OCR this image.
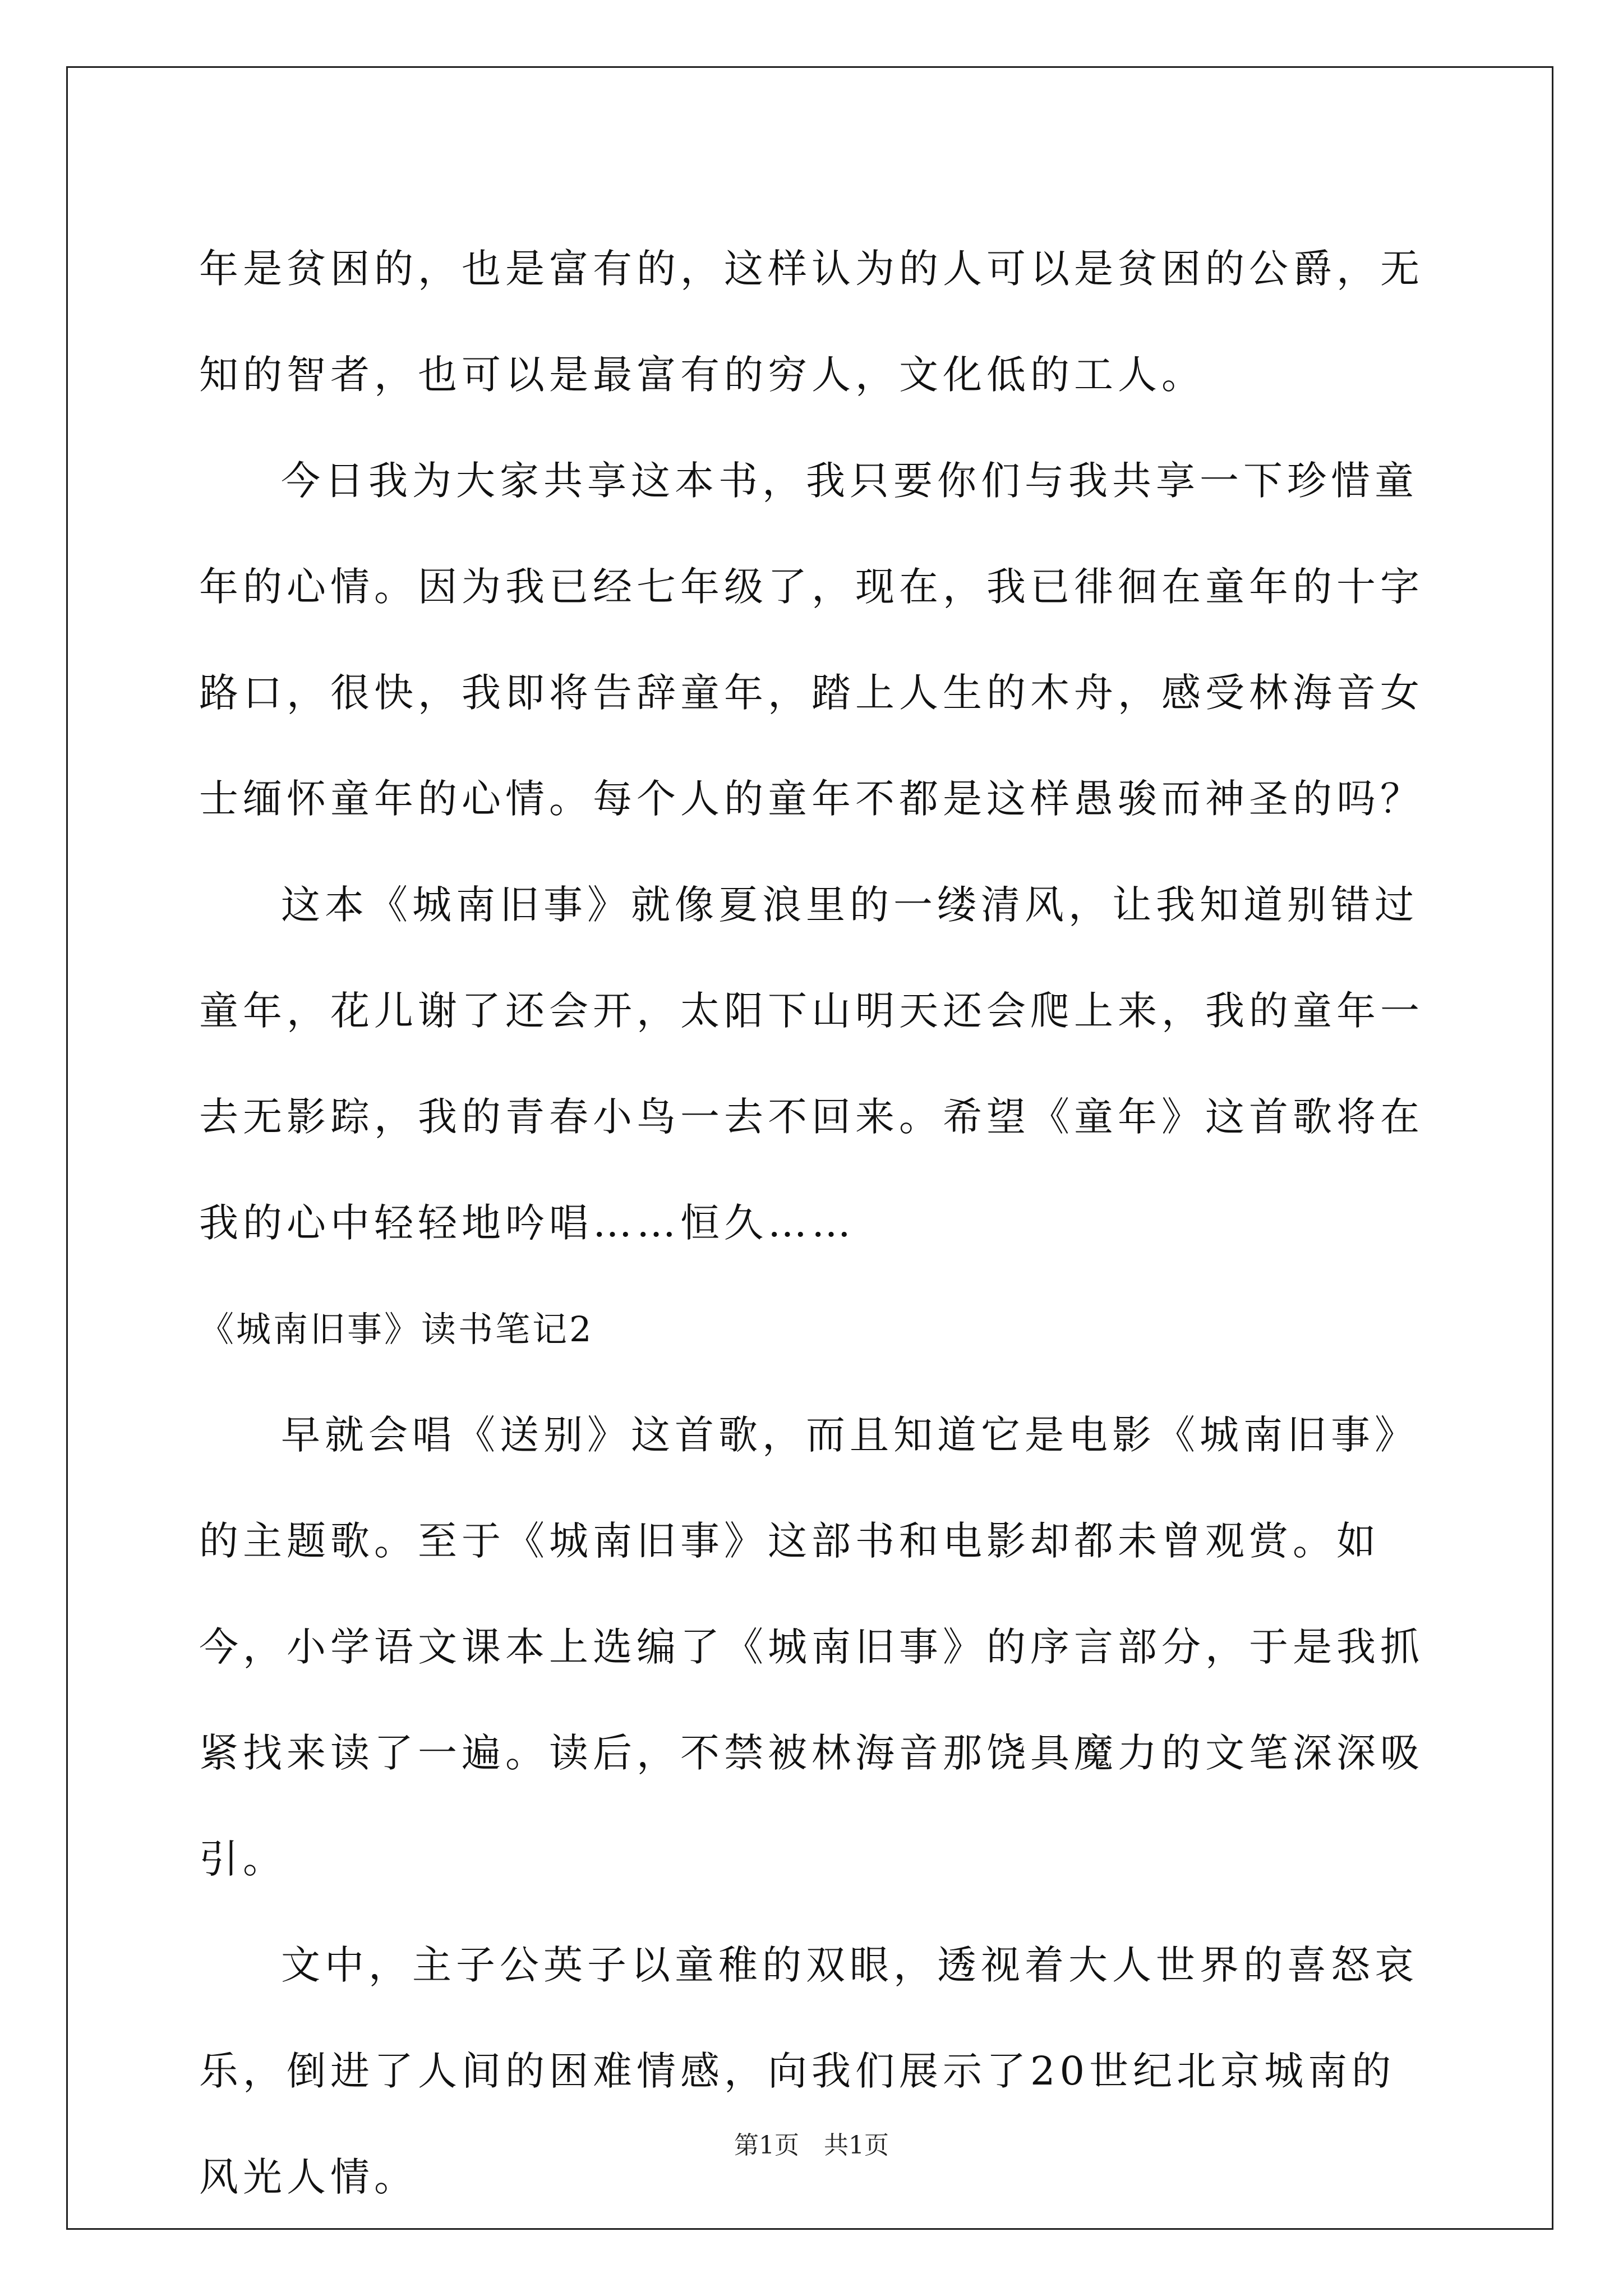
年是贫困的，也是富有的，这样认为的人可以是贫困的公爵，无知的智者，也可以是最富有的穷人，文化低的工人。

今日我为大家共享这本书，我只要你们与我共享一下珍惜童年的心情。因为我已经七年级了，现在，我已徘徊在童年的十字路口，很快，我即将告辞童年，踏上人生的木舟，感受林海音女士缅怀童年的心情。每个人的童年不都是这样愚骏而神圣的吗？

这本《城南旧事》就像夏浪里的一缕清风，让我知道别错过童年，花儿谢了还会开，太阳下山明天还会爬上来，我的童年一去无影踪，我的青春小鸟一去不回来。希望《童年》这首歌将在我的心中轻轻地吟唱……恒久……

《城南旧事》读书笔记2

早就会唱《送别》这首歌，而且知道它是电影《城南旧事》的主题歌。至于《城南旧事》这部书和电影却都未曾观赏。如今，小学语文课本上选编了《城南旧事》的序言部分，于是我抓紧找来读了一遍。读后，不禁被林海音那饶具魔力的文笔深深吸引。

文中，主子公英子以童稚的双眼，透视着大人世界的喜怒哀乐，倒进了人间的困难情感，向我们展示了20世纪北京城南的风光人情。

第1页　共1页
